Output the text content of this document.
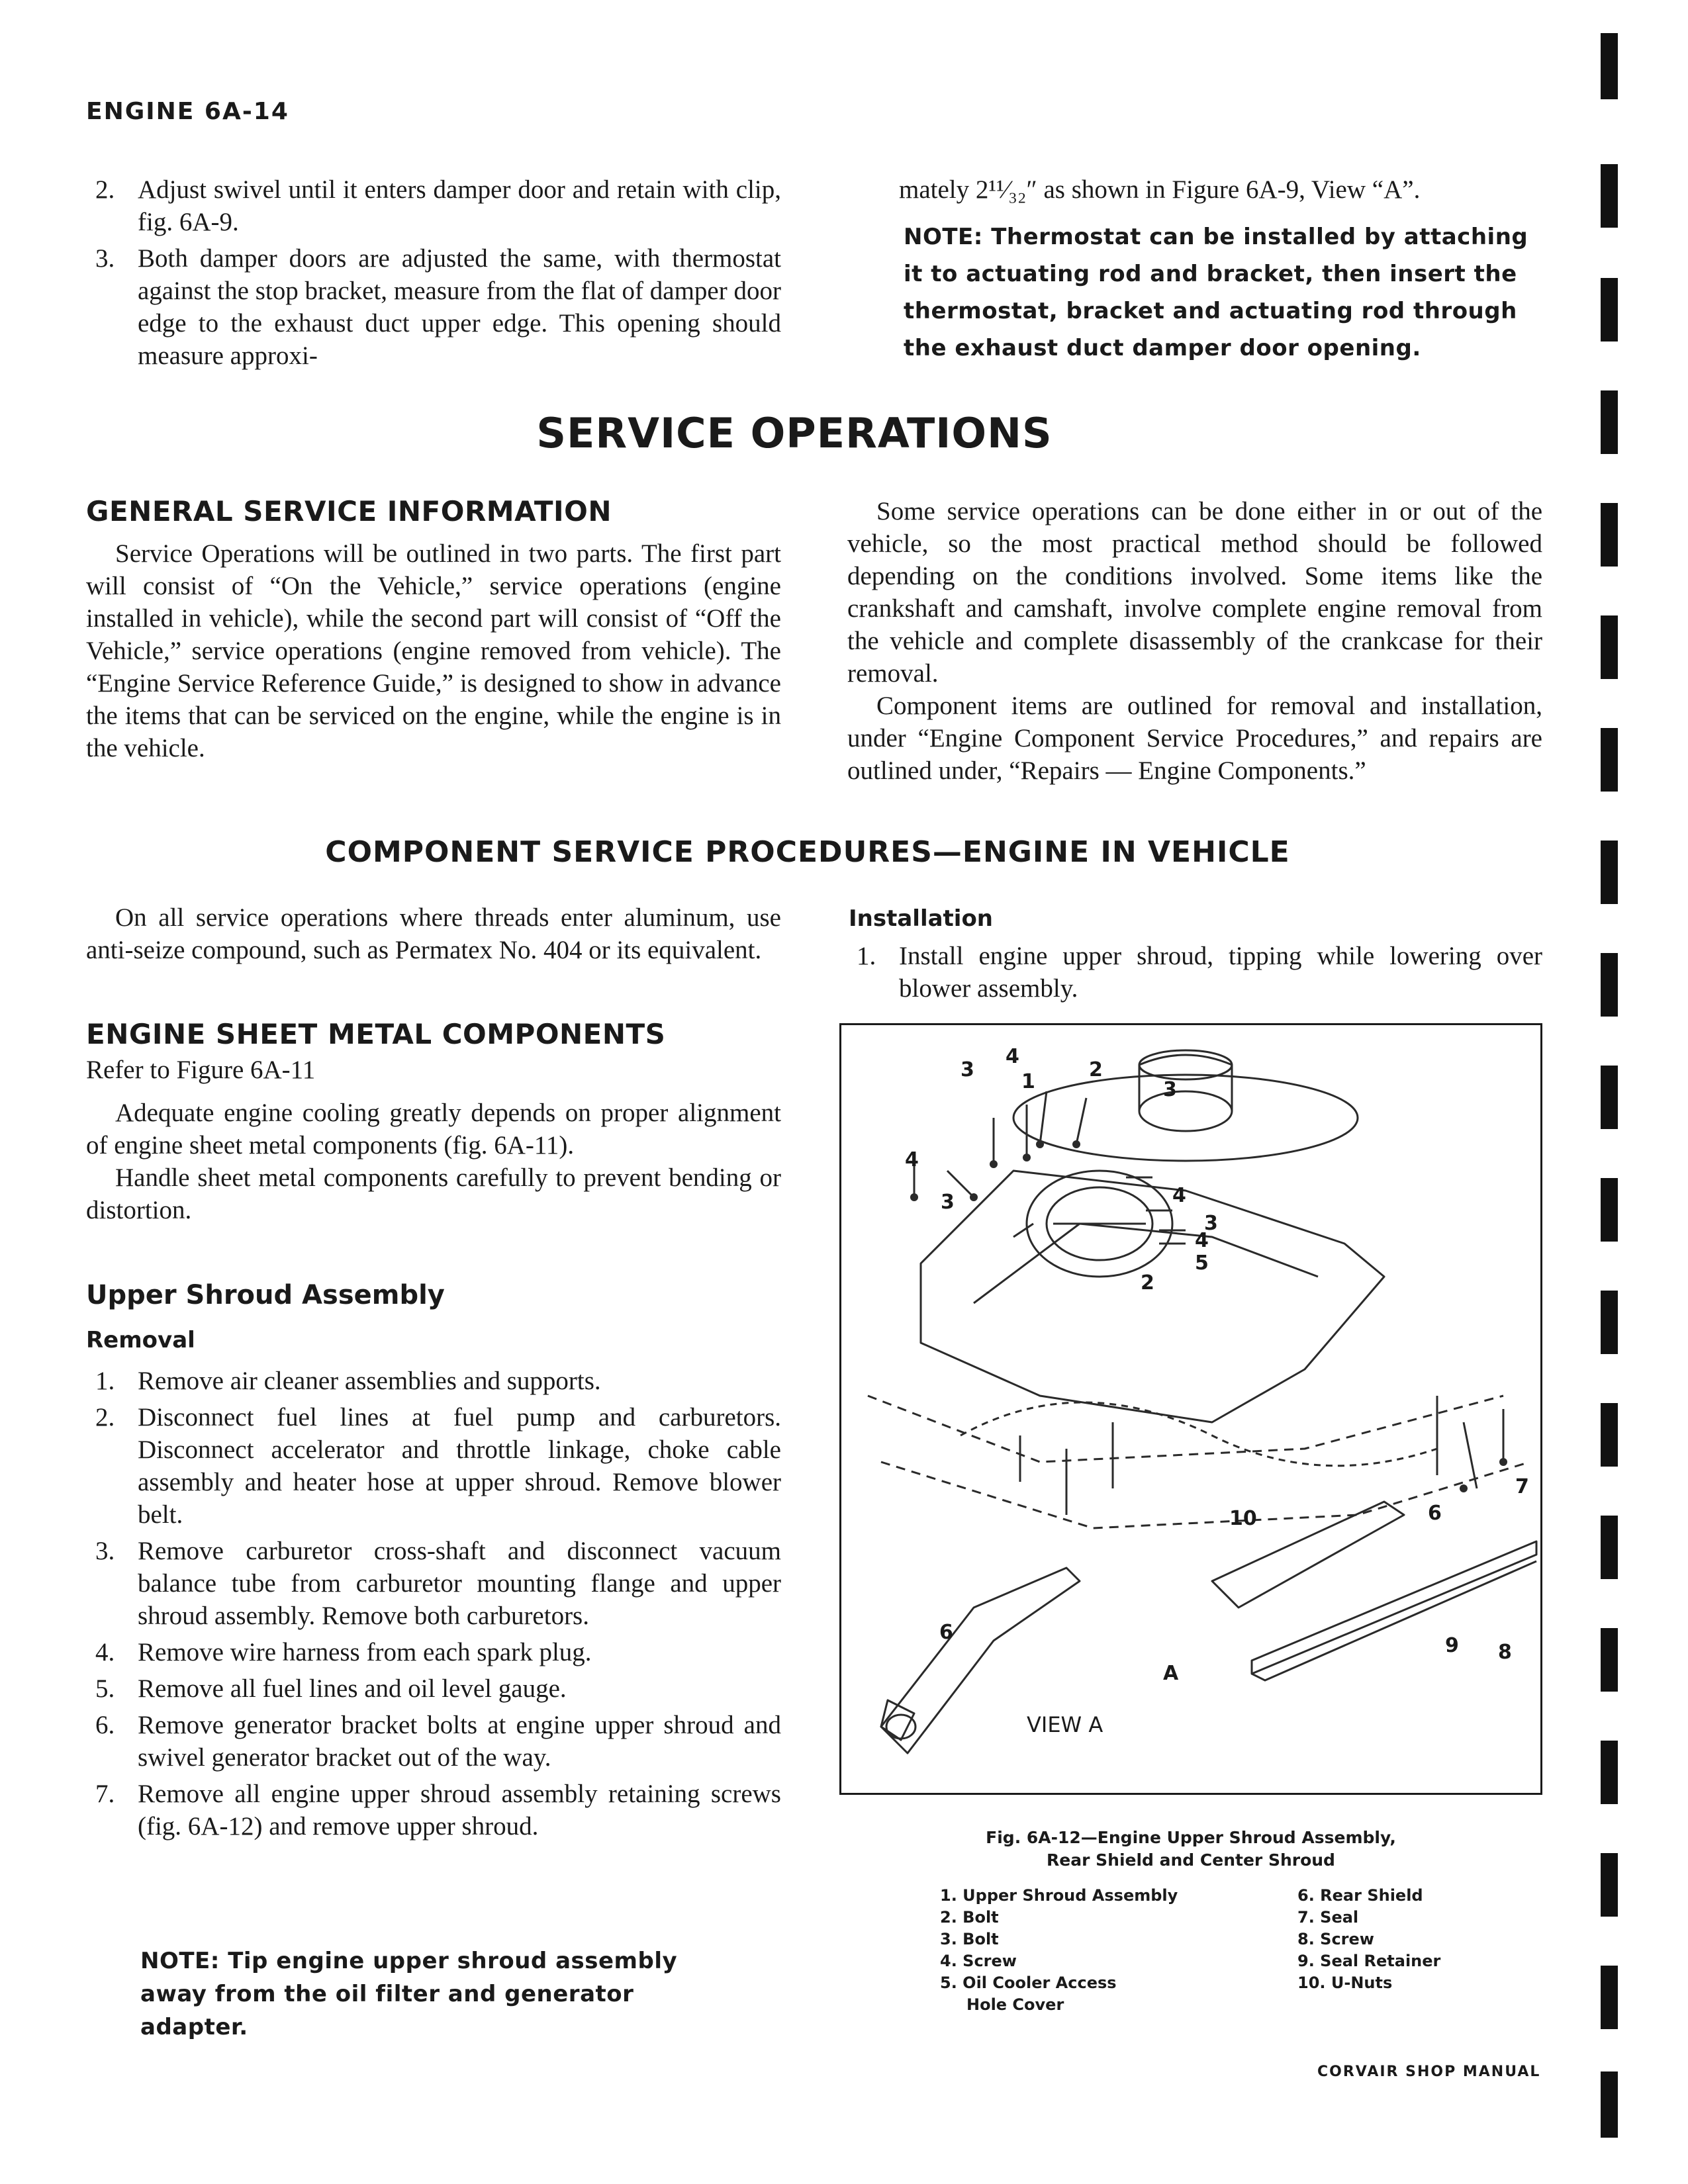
ENGINE 6A-14
2. Adjust swivel until it enters damper door and retain with clip, fig. 6A-9.
3. Both damper doors are adjusted the same, with thermostat against the stop bracket, measure from the flat of damper door edge to the exhaust duct upper edge. This opening should measure approxi-

mately 2¹¹⁄₃₂″ as shown in Figure 6A-9, View “A”.

NOTE: Thermostat can be installed by attaching it to actuating rod and bracket, then insert the thermostat, bracket and actuating rod through the exhaust duct damper door opening.
SERVICE OPERATIONS
GENERAL SERVICE INFORMATION

Service Operations will be outlined in two parts. The first part will consist of “On the Vehicle,” service operations (engine installed in vehicle), while the second part will consist of “Off the Vehicle,” service operations (engine removed from vehicle). The “Engine Service Reference Guide,” is designed to show in advance the items that can be serviced on the engine, while the engine is in the vehicle.

Some service operations can be done either in or out of the vehicle, so the most practical method should be followed depending on the conditions involved. Some items like the crankshaft and camshaft, involve complete engine removal from the vehicle and complete disassembly of the crankcase for their removal.

Component items are outlined for removal and installation, under “Engine Component Service Procedures,” and repairs are outlined under, “Repairs — Engine Components.”

COMPONENT SERVICE PROCEDURES—ENGINE IN VEHICLE

On all service operations where threads enter aluminum, use anti-seize compound, such as Permatex No. 404 or its equivalent.

ENGINE SHEET METAL COMPONENTS

Refer to Figure 6A-11

Adequate engine cooling greatly depends on proper alignment of engine sheet metal components (fig. 6A-11).

Handle sheet metal components carefully to prevent bending or distortion.

Upper Shroud Assembly
Removal
1. Remove air cleaner assemblies and supports.
2. Disconnect fuel lines at fuel pump and carburetors. Disconnect accelerator and throttle linkage, choke cable assembly and heater hose at upper shroud. Remove blower belt.
3. Remove carburetor cross-shaft and disconnect vacuum balance tube from carburetor mounting flange and upper shroud assembly. Remove both carburetors.
4. Remove wire harness from each spark plug.
5. Remove all fuel lines and oil level gauge.
6. Remove generator bracket bolts at engine upper shroud and swivel generator bracket out of the way.
7. Remove all engine upper shroud assembly retaining screws (fig. 6A-12) and remove upper shroud.
NOTE: Tip engine upper shroud assembly away from the oil filter and generator adapter.
Installation
1. Install engine upper shroud, tipping while lowering over blower assembly.
3
4
1
2
3
4
4
3
3
4
5
2
10	6
7
9 8
6
A
VIEW A
Fig. 6A-12—Engine Upper Shroud Assembly,
Rear Shield and Center Shroud
1. Upper Shroud Assembly
2. Bolt
3. Bolt
4. Screw
5. Oil Cooler Access
Hole Cover
6. Rear Shield
7. Seal
8. Screw
9. Seal Retainer
10. U-Nuts
CORVAIR SHOP MANUAL
